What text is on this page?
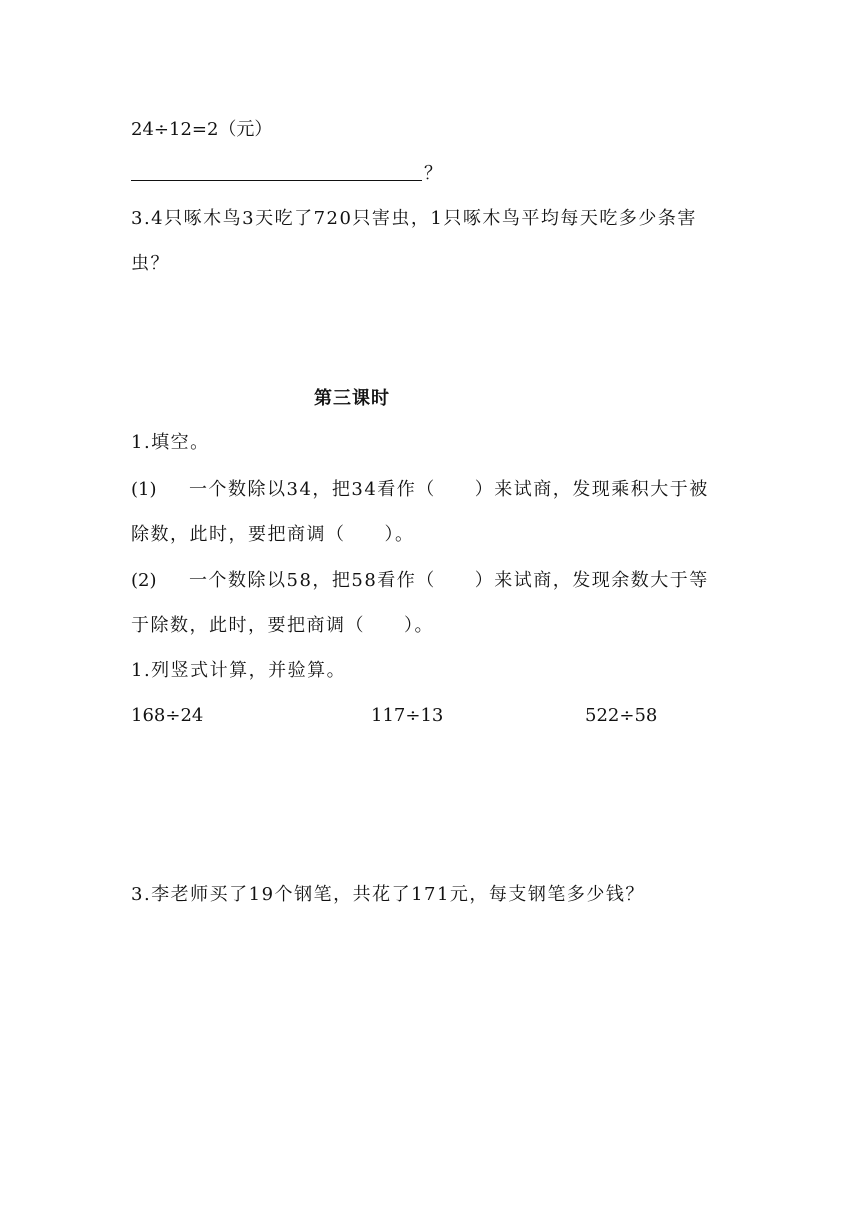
24÷12=2（元）
？
3.4只啄木鸟3天吃了720只害虫，1只啄木鸟平均每天吃多少条害
虫？
第三课时
1.填空。
(1) 一个数除以34，把34看作（　　）来试商，发现乘积大于被
除数，此时，要把商调（　　）。
(2) 一个数除以58，把58看作（　　）来试商，发现余数大于等
于除数，此时，要把商调（　　）。
1.列竖式计算，并验算。
168÷24	117÷13	522÷58
3.李老师买了19个钢笔，共花了171元，每支钢笔多少钱？
